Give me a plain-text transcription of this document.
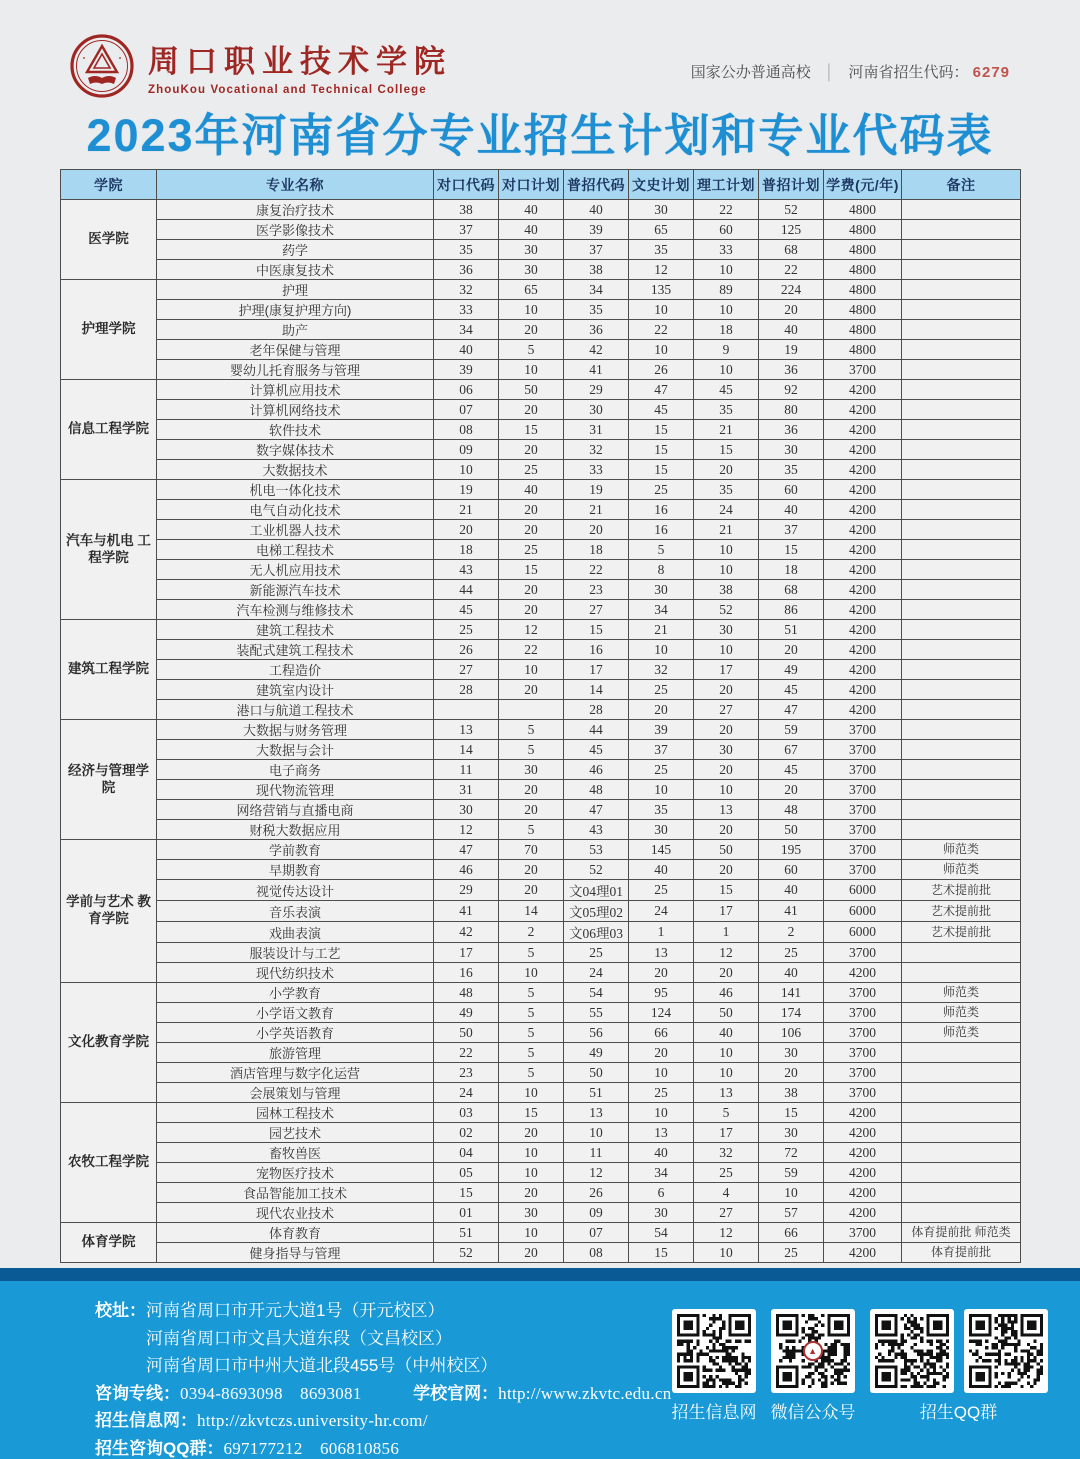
周口职业技术学院
ZhouKou Vocational and Technical College
国家公办普通高校 │ 河南省招生代码： 6279
2023年河南省分专业招生计划和专业代码表
学院	专业名称	对口代码	对口计划	普招代码	文史计划	理工计划	普招计划	学费(元/年)	备注
医学院	康复治疗技术	38	40	40	30	22	52	4800	
	医学影像技术	37	40	39	65	60	125	4800	
	药学	35	30	37	35	33	68	4800	
	中医康复技术	36	30	38	12	10	22	4800	
护理学院	护理	32	65	34	135	89	224	4800	
	护理(康复护理方向)	33	10	35	10	10	20	4800	
	助产	34	20	36	22	18	40	4800	
	老年保健与管理	40	5	42	10	9	19	4800	
	婴幼儿托育服务与管理	39	10	41	26	10	36	3700	
信息工程学院	计算机应用技术	06	50	29	47	45	92	4200	
	计算机网络技术	07	20	30	45	35	80	4200	
	软件技术	08	15	31	15	21	36	4200	
	数字媒体技术	09	20	32	15	15	30	4200	
	大数据技术	10	25	33	15	20	35	4200	
汽车与机电 工程学院	机电一体化技术	19	40	19	25	35	60	4200	
	电气自动化技术	21	20	21	16	24	40	4200	
	工业机器人技术	20	20	20	16	21	37	4200	
	电梯工程技术	18	25	18	5	10	15	4200	
	无人机应用技术	43	15	22	8	10	18	4200	
	新能源汽车技术	44	20	23	30	38	68	4200	
	汽车检测与维修技术	45	20	27	34	52	86	4200	
建筑工程学院	建筑工程技术	25	12	15	21	30	51	4200	
	装配式建筑工程技术	26	22	16	10	10	20	4200	
	工程造价	27	10	17	32	17	49	4200	
	建筑室内设计	28	20	14	25	20	45	4200	
	港口与航道工程技术			28	20	27	47	4200	
经济与管理学院	大数据与财务管理	13	5	44	39	20	59	3700	
	大数据与会计	14	5	45	37	30	67	3700	
	电子商务	11	30	46	25	20	45	3700	
	现代物流管理	31	20	48	10	10	20	3700	
	网络营销与直播电商	30	20	47	35	13	48	3700	
	财税大数据应用	12	5	43	30	20	50	3700	
学前与艺术 教育学院	学前教育	47	70	53	145	50	195	3700	师范类
	早期教育	46	20	52	40	20	60	3700	师范类
	视觉传达设计	29	20	文04理01	25	15	40	6000	艺术提前批
	音乐表演	41	14	文05理02	24	17	41	6000	艺术提前批
	戏曲表演	42	2	文06理03	1	1	2	6000	艺术提前批
	服装设计与工艺	17	5	25	13	12	25	3700	
	现代纺织技术	16	10	24	20	20	40	4200	
文化教育学院	小学教育	48	5	54	95	46	141	3700	师范类
	小学语文教育	49	5	55	124	50	174	3700	师范类
	小学英语教育	50	5	56	66	40	106	3700	师范类
	旅游管理	22	5	49	20	10	30	3700	
	酒店管理与数字化运营	23	5	50	10	10	20	3700	
	会展策划与管理	24	10	51	25	13	38	3700	
农牧工程学院	园林工程技术	03	15	13	10	5	15	4200	
	园艺技术	02	20	10	13	17	30	4200	
	畜牧兽医	04	10	11	40	32	72	4200	
	宠物医疗技术	05	10	12	34	25	59	4200	
	食品智能加工技术	15	20	26	6	4	10	4200	
	现代农业技术	01	30	09	30	27	57	4200	
体育学院	体育教育	51	10	07	54	12	66	3700	体育提前批 师范类
	健身指导与管理	52	20	08	15	10	25	4200	体育提前批
校址： 河南省周口市开元大道1号（开元校区）
河南省周口市文昌大道东段（文昌校区）
河南省周口市中州大道北段455号（中州校区）
咨询专线：0394-8693098　8693081	学校官网：http://www.zkvtc.edu.cn
招生信息网：http://zkvtczs.university-hr.com/
招生咨询QQ群：697177212　606810856
招生信息网
▲ 微信公众号	招生QQ群
